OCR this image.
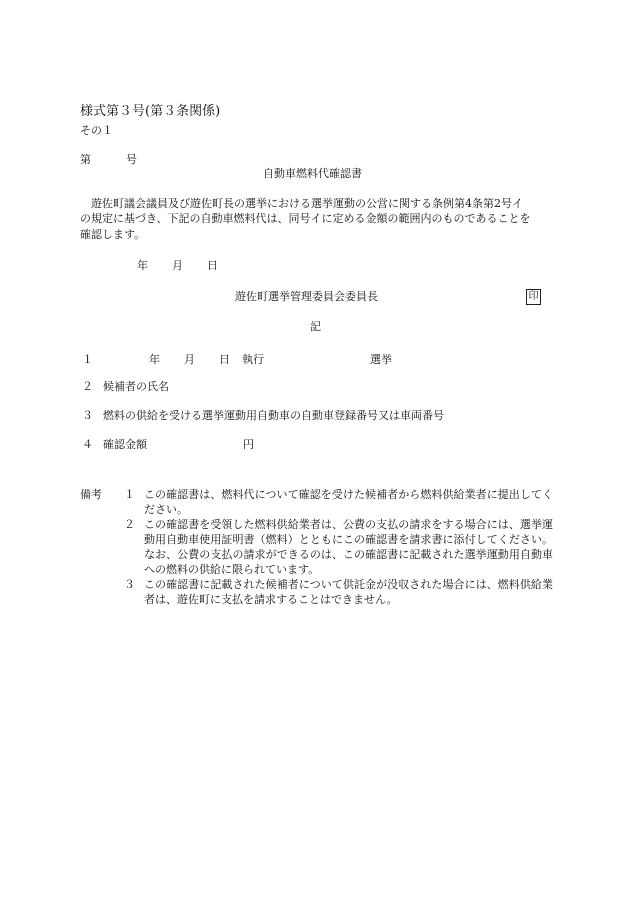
様式第３号(第３条関係)
その１
第	号
自動車燃料代確認書
遊佐町議会議員及び遊佐町長の選挙における選挙運動の公営に関する条例第4条第2号イ
の規定に基づき、下記の自動車燃料代は、同号イに定める金額の範囲内のものであることを
確認します。
年 月 日
遊佐町選挙管理委員会委員長	印
記
１	年 月 日 執行	選挙
２ 候補者の氏名
３ 燃料の供給を受ける選挙運動用自動車の自動車登録番号又は車両番号
４ 確認金額	円
備考 １ この確認書は、燃料代について確認を受けた候補者から燃料供給業者に提出してください。
２ この確認書を受領した燃料供給業者は、公費の支払の請求をする場合には、選挙運動用自動車使用証明書（燃料）とともにこの確認書を請求書に添付してください。なお、公費の支払の請求ができるのは、この確認書に記載された選挙運動用自動車への燃料の供給に限られています。
３ この確認書に記載された候補者について供託金が没収された場合には、燃料供給業者は、遊佐町に支払を請求することはできません。
